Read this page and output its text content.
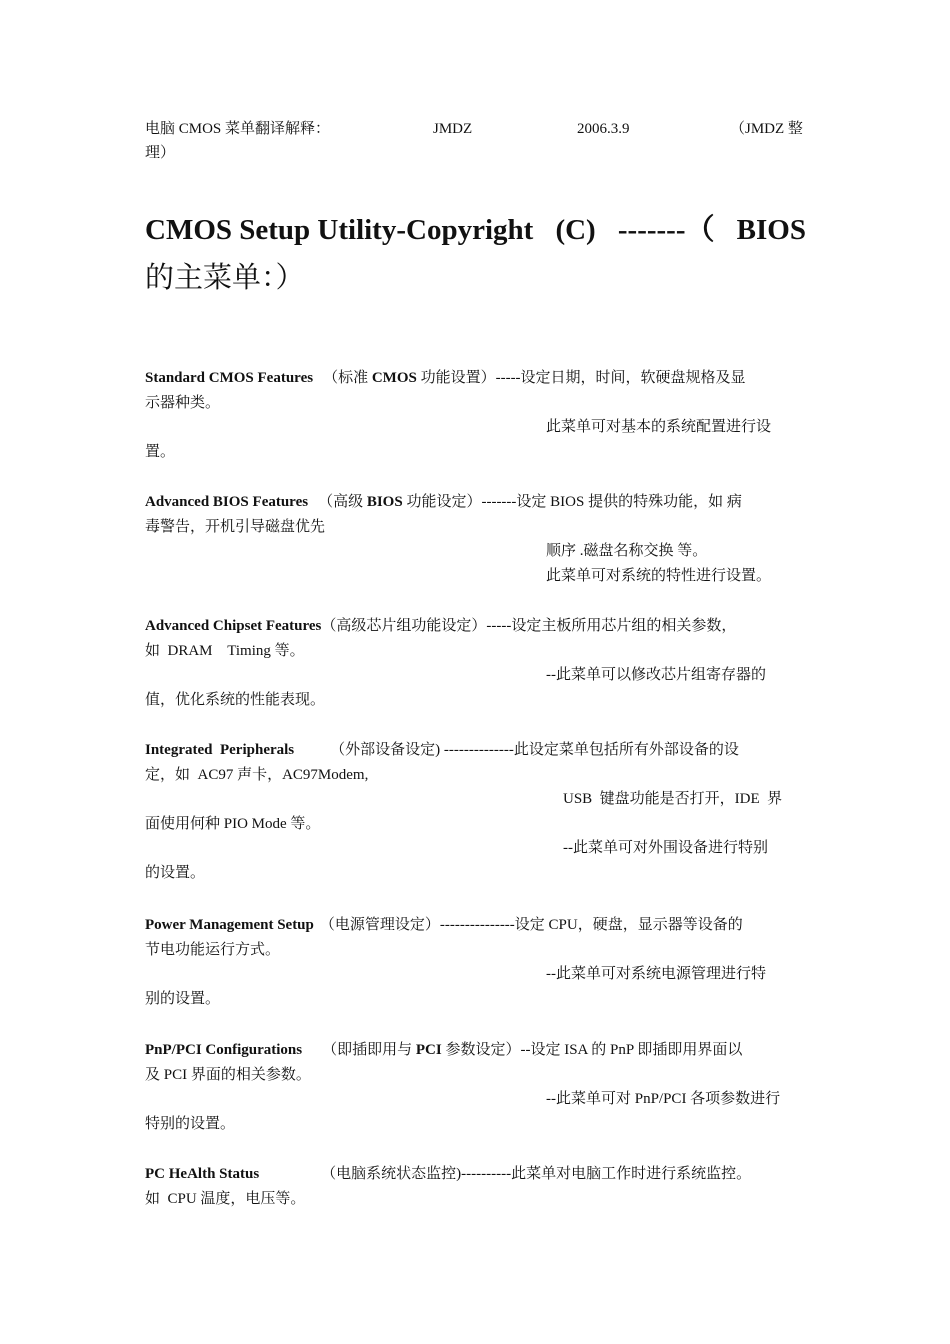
电脑 CMOS 菜单翻译解释：	JMDZ	2006.3.9	（JMDZ 整
理）
CMOS Setup Utility-Copyright (C) -------（ BIOS
的主菜单：）
Standard CMOS Features （标准 CMOS 功能设置）-----设定日期，时间，软硬盘规格及显
示器种类。
此菜单可对基本的系统配置进行设
置。
Advanced BIOS Features （高级 BIOS 功能设定）-------设定 BIOS 提供的特殊功能，如 病
毒警告，开机引导磁盘优先
顺序 .磁盘名称交换 等。
此菜单可对系统的特性进行设置。
Advanced Chipset Features（高级芯片组功能设定）-----设定主板所用芯片组的相关参数，
如  DRAM    Timing 等。
--此菜单可以修改芯片组寄存器的
值，优化系统的性能表现。
Integrated  Peripherals （外部设备设定) --------------此设定菜单包括所有外部设备的设
定，如  AC97 声卡，AC97Modem,
USB  键盘功能是否打开，IDE  界
面使用何种 PIO Mode 等。
--此菜单可对外围设备进行特别
的设置。
Power Management Setup （电源管理设定）---------------设定 CPU，硬盘，显示器等设备的
节电功能运行方式。
--此菜单可对系统电源管理进行特
别的设置。
PnP/PCI Configurations （即插即用与 PCI 参数设定）--设定 ISA 的 PnP 即插即用界面以
及 PCI 界面的相关参数。
--此菜单可对 PnP/PCI 各项参数进行
特别的设置。
PC HeAlth Status	（电脑系统状态监控)----------此菜单对电脑工作时进行系统监控。
如  CPU 温度，电压等。
